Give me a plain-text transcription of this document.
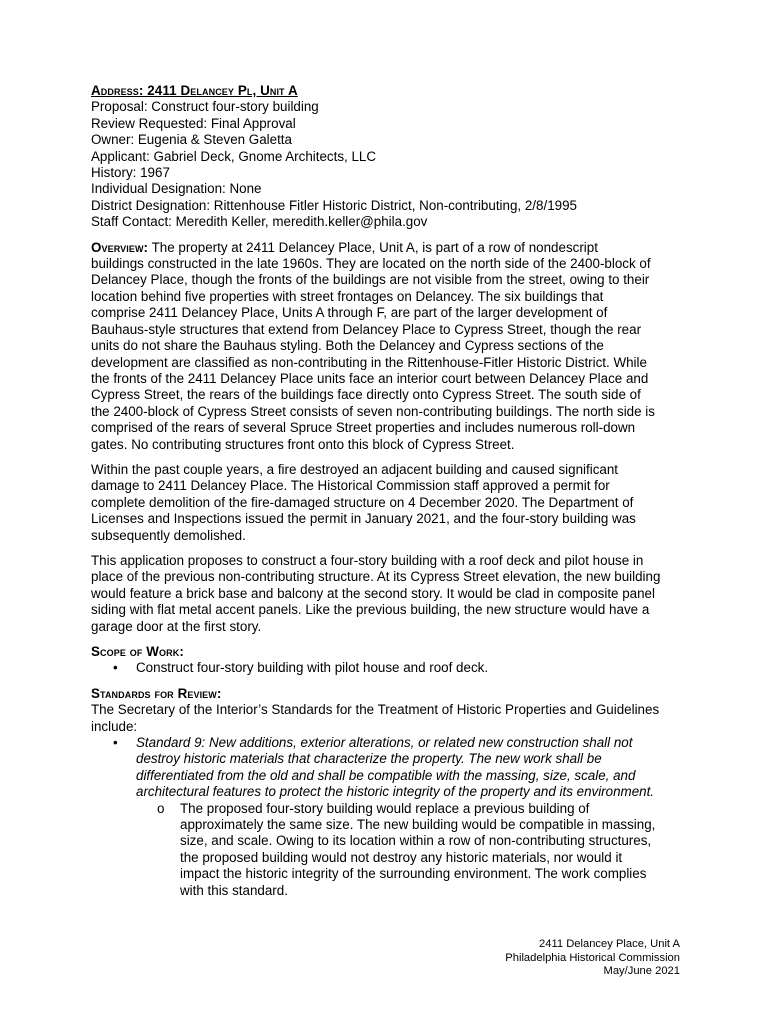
Address: 2411 Delancey Pl, Unit A
Proposal: Construct four-story building
Review Requested: Final Approval
Owner: Eugenia & Steven Galetta
Applicant: Gabriel Deck, Gnome Architects, LLC
History: 1967
Individual Designation: None
District Designation: Rittenhouse Fitler Historic District, Non-contributing, 2/8/1995
Staff Contact: Meredith Keller, meredith.keller@phila.gov
Overview: The property at 2411 Delancey Place, Unit A, is part of a row of nondescript
buildings constructed in the late 1960s. They are located on the north side of the 2400-block of
Delancey Place, though the fronts of the buildings are not visible from the street, owing to their
location behind five properties with street frontages on Delancey. The six buildings that
comprise 2411 Delancey Place, Units A through F, are part of the larger development of
Bauhaus-style structures that extend from Delancey Place to Cypress Street, though the rear
units do not share the Bauhaus styling. Both the Delancey and Cypress sections of the
development are classified as non-contributing in the Rittenhouse-Fitler Historic District. While
the fronts of the 2411 Delancey Place units face an interior court between Delancey Place and
Cypress Street, the rears of the buildings face directly onto Cypress Street. The south side of
the 2400-block of Cypress Street consists of seven non-contributing buildings. The north side is
comprised of the rears of several Spruce Street properties and includes numerous roll-down
gates. No contributing structures front onto this block of Cypress Street.
Within the past couple years, a fire destroyed an adjacent building and caused significant
damage to 2411 Delancey Place. The Historical Commission staff approved a permit for
complete demolition of the fire-damaged structure on 4 December 2020. The Department of
Licenses and Inspections issued the permit in January 2021, and the four-story building was
subsequently demolished.
This application proposes to construct a four-story building with a roof deck and pilot house in
place of the previous non-contributing structure. At its Cypress Street elevation, the new building
would feature a brick base and balcony at the second story. It would be clad in composite panel
siding with flat metal accent panels. Like the previous building, the new structure would have a
garage door at the first story.
Scope of Work:
•	Construct four-story building with pilot house and roof deck.
Standards for Review:
The Secretary of the Interior’s Standards for the Treatment of Historic Properties and Guidelines
include:
•	Standard 9: New additions, exterior alterations, or related new construction shall not
destroy historic materials that characterize the property. The new work shall be
differentiated from the old and shall be compatible with the massing, size, scale, and
architectural features to protect the historic integrity of the property and its environment.
o	The proposed four-story building would replace a previous building of
approximately the same size. The new building would be compatible in massing,
size, and scale. Owing to its location within a row of non-contributing structures,
the proposed building would not destroy any historic materials, nor would it
impact the historic integrity of the surrounding environment. The work complies
with this standard.
2411 Delancey Place, Unit A
Philadelphia Historical Commission
May/June 2021
